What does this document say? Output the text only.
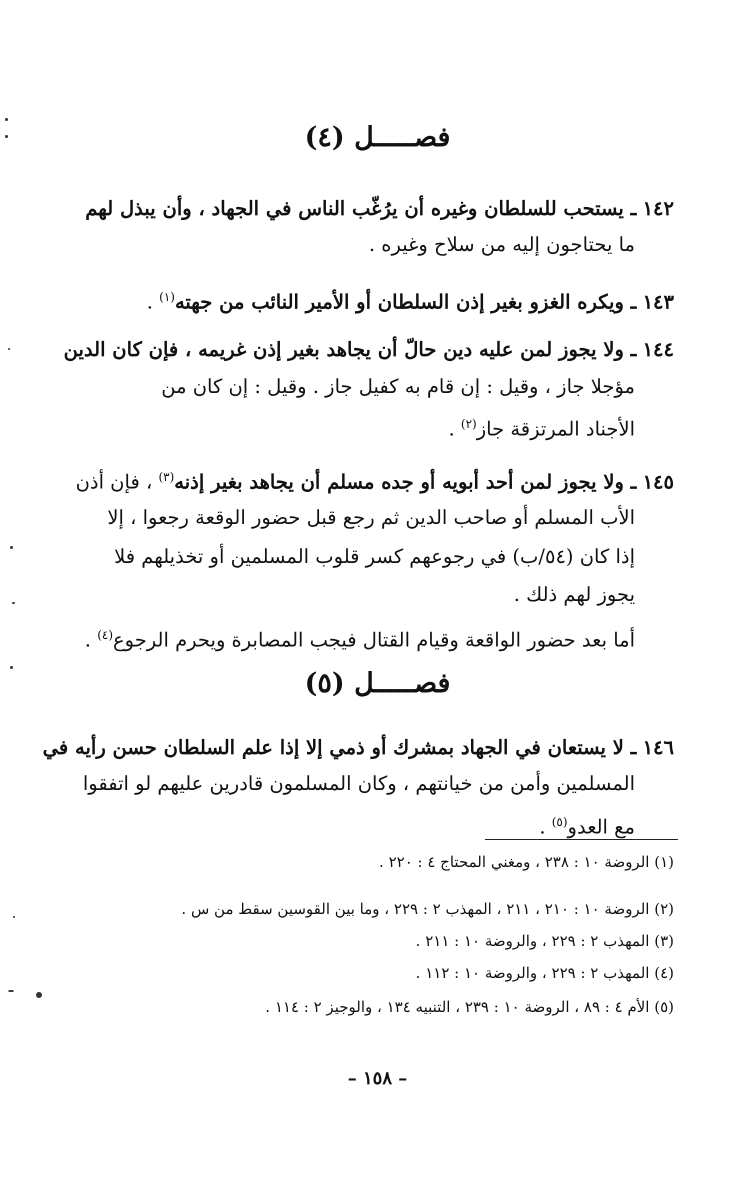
فصـــــل (٤)
١٤٢ ـ يستحب للسلطان وغيره أن يرُغّب الناس في الجهاد ، وأن يبذل لهم
ما يحتاجون إليه من سلاح وغيره .
١٤٣ ـ ويكره الغزو بغير إذن السلطان أو الأمير النائب من جهته$^{(١)}$ .
١٤٤ ـ ولا يجوز لمن عليه دين حالّ أن يجاهد بغير إذن غريمه ، فإن كان الدين
مؤجلا جاز ، وقيل : إن قام به كفيل جاز . وقيل : إن كان من
الأجناد المرتزقة جاز$^{(٢)}$ .
١٤٥ ـ ولا يجوز لمن أحد أبويه أو جده مسلم أن يجاهد بغير إذنه$^{(٣)}$ ، فإن أذن
الأب المسلم أو صاحب الدين ثم رجع قبل حضور الوقعة رجعوا ، إلا
إذا كان (٥٤/ب) في رجوعهم كسر قلوب المسلمين أو تخذيلهم فلا
يجوز لهم ذلك .
أما بعد حضور الواقعة وقيام القتال فيجب المصابرة ويحرم الرجوع$^{(٤)}$ .
فصـــــل (٥)
١٤٦ ـ لا يستعان في الجهاد بمشرك أو ذمي إلا إذا علم السلطان حسن رأيه في
المسلمين وأمن من خيانتهم ، وكان المسلمون قادرين عليهم لو اتفقوا
مع العدو$^{(٥)}$ .
(١) الروضة ١٠ : ٢٣٨ ، ومغني المحتاج ٤ : ٢٢٠ .
(٢) الروضة ١٠ : ٢١٠ ، ٢١١ ، المهذب ٢ : ٢٢٩ ، وما بين القوسين سقط من س .
(٣) المهذب ٢ : ٢٢٩ ، والروضة ١٠ : ٢١١ .
(٤) المهذب ٢ : ٢٢٩ ، والروضة ١٠ : ١١٢ .
(٥) الأم ٤ : ٨٩ ، الروضة ١٠ : ٢٣٩ ، التنبيه ١٣٤ ، والوجيز ٢ : ١١٤ .
– ١٥٨ –
